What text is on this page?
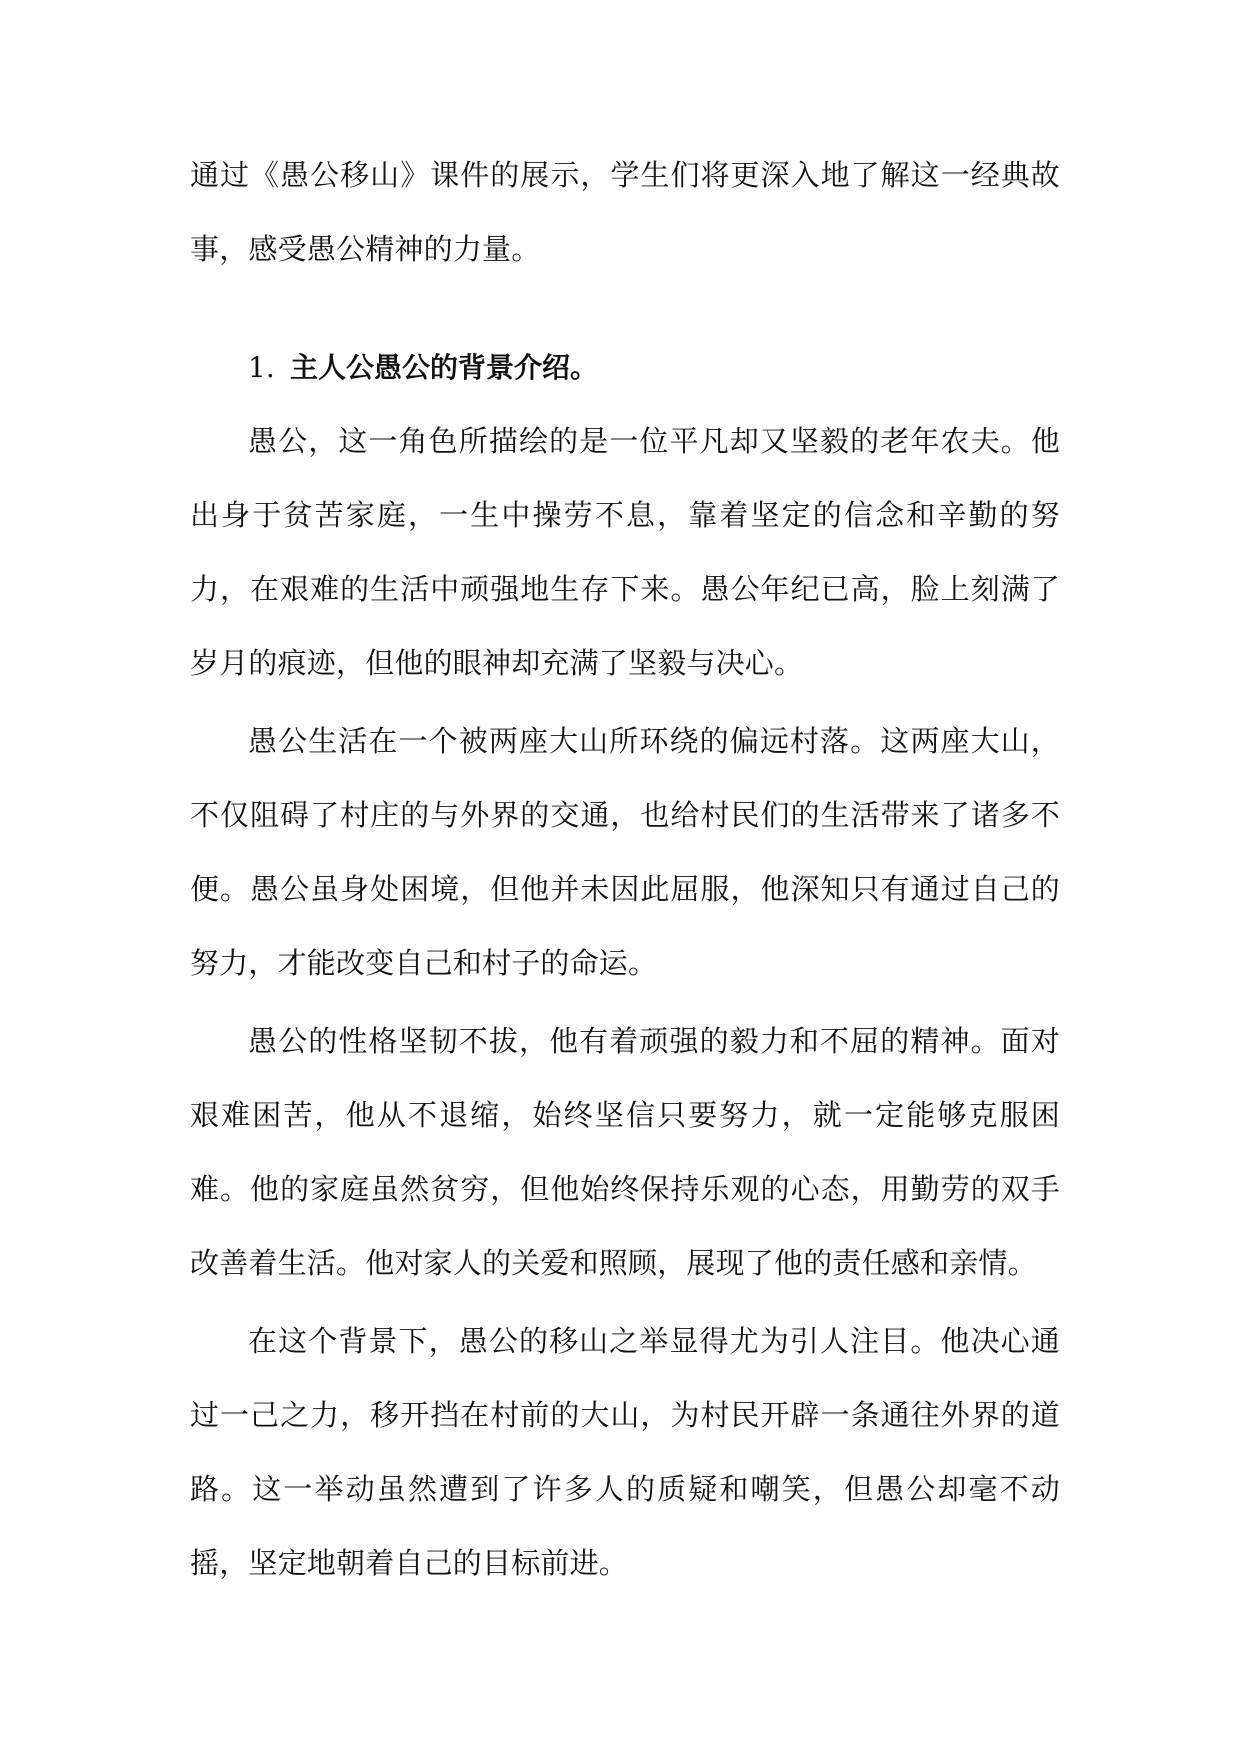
通过《愚公移山》课件的展示，学生们将更深入地了解这一经典故事，感受愚公精神的力量。

1. 主人公愚公的背景介绍。

愚公，这一角色所描绘的是一位平凡却又坚毅的老年农夫。他出身于贫苦家庭，一生中操劳不息，靠着坚定的信念和辛勤的努力，在艰难的生活中顽强地生存下来。愚公年纪已高，脸上刻满了岁月的痕迹，但他的眼神却充满了坚毅与决心。

愚公生活在一个被两座大山所环绕的偏远村落。这两座大山，不仅阻碍了村庄的与外界的交通，也给村民们的生活带来了诸多不便。愚公虽身处困境，但他并未因此屈服，他深知只有通过自己的努力，才能改变自己和村子的命运。

愚公的性格坚韧不拔，他有着顽强的毅力和不屈的精神。面对艰难困苦，他从不退缩，始终坚信只要努力，就一定能够克服困难。他的家庭虽然贫穷，但他始终保持乐观的心态，用勤劳的双手改善着生活。他对家人的关爱和照顾，展现了他的责任感和亲情。

在这个背景下，愚公的移山之举显得尤为引人注目。他决心通过一己之力，移开挡在村前的大山，为村民开辟一条通往外界的道路。这一举动虽然遭到了许多人的质疑和嘲笑，但愚公却毫不动摇，坚定地朝着自己的目标前进。
